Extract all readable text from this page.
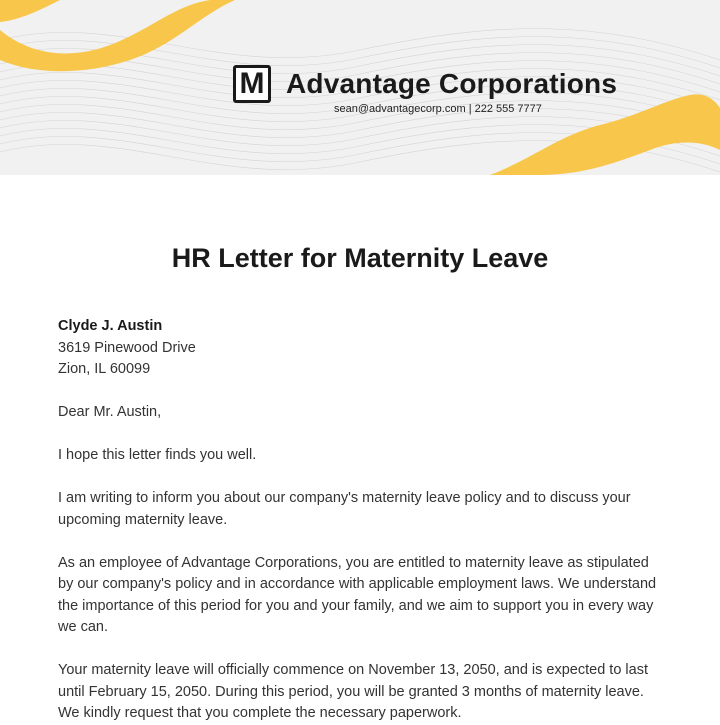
M Advantage Corporations
sean@advantagecorp.com | 222 555 7777
HR Letter for Maternity Leave

Clyde J. Austin

3619 Pinewood Drive

Zion, IL 60099

Dear Mr. Austin,

I hope this letter finds you well.

I am writing to inform you about our company's maternity leave policy and to discuss your upcoming maternity leave.

As an employee of Advantage Corporations, you are entitled to maternity leave as stipulated by our company's policy and in accordance with applicable employment laws. We understand the importance of this period for you and your family, and we aim to support you in every way we can.

Your maternity leave will officially commence on November 13, 2050, and is expected to last until February 15, 2050. During this period, you will be granted 3 months of maternity leave. We kindly request that you complete the necessary paperwork.
